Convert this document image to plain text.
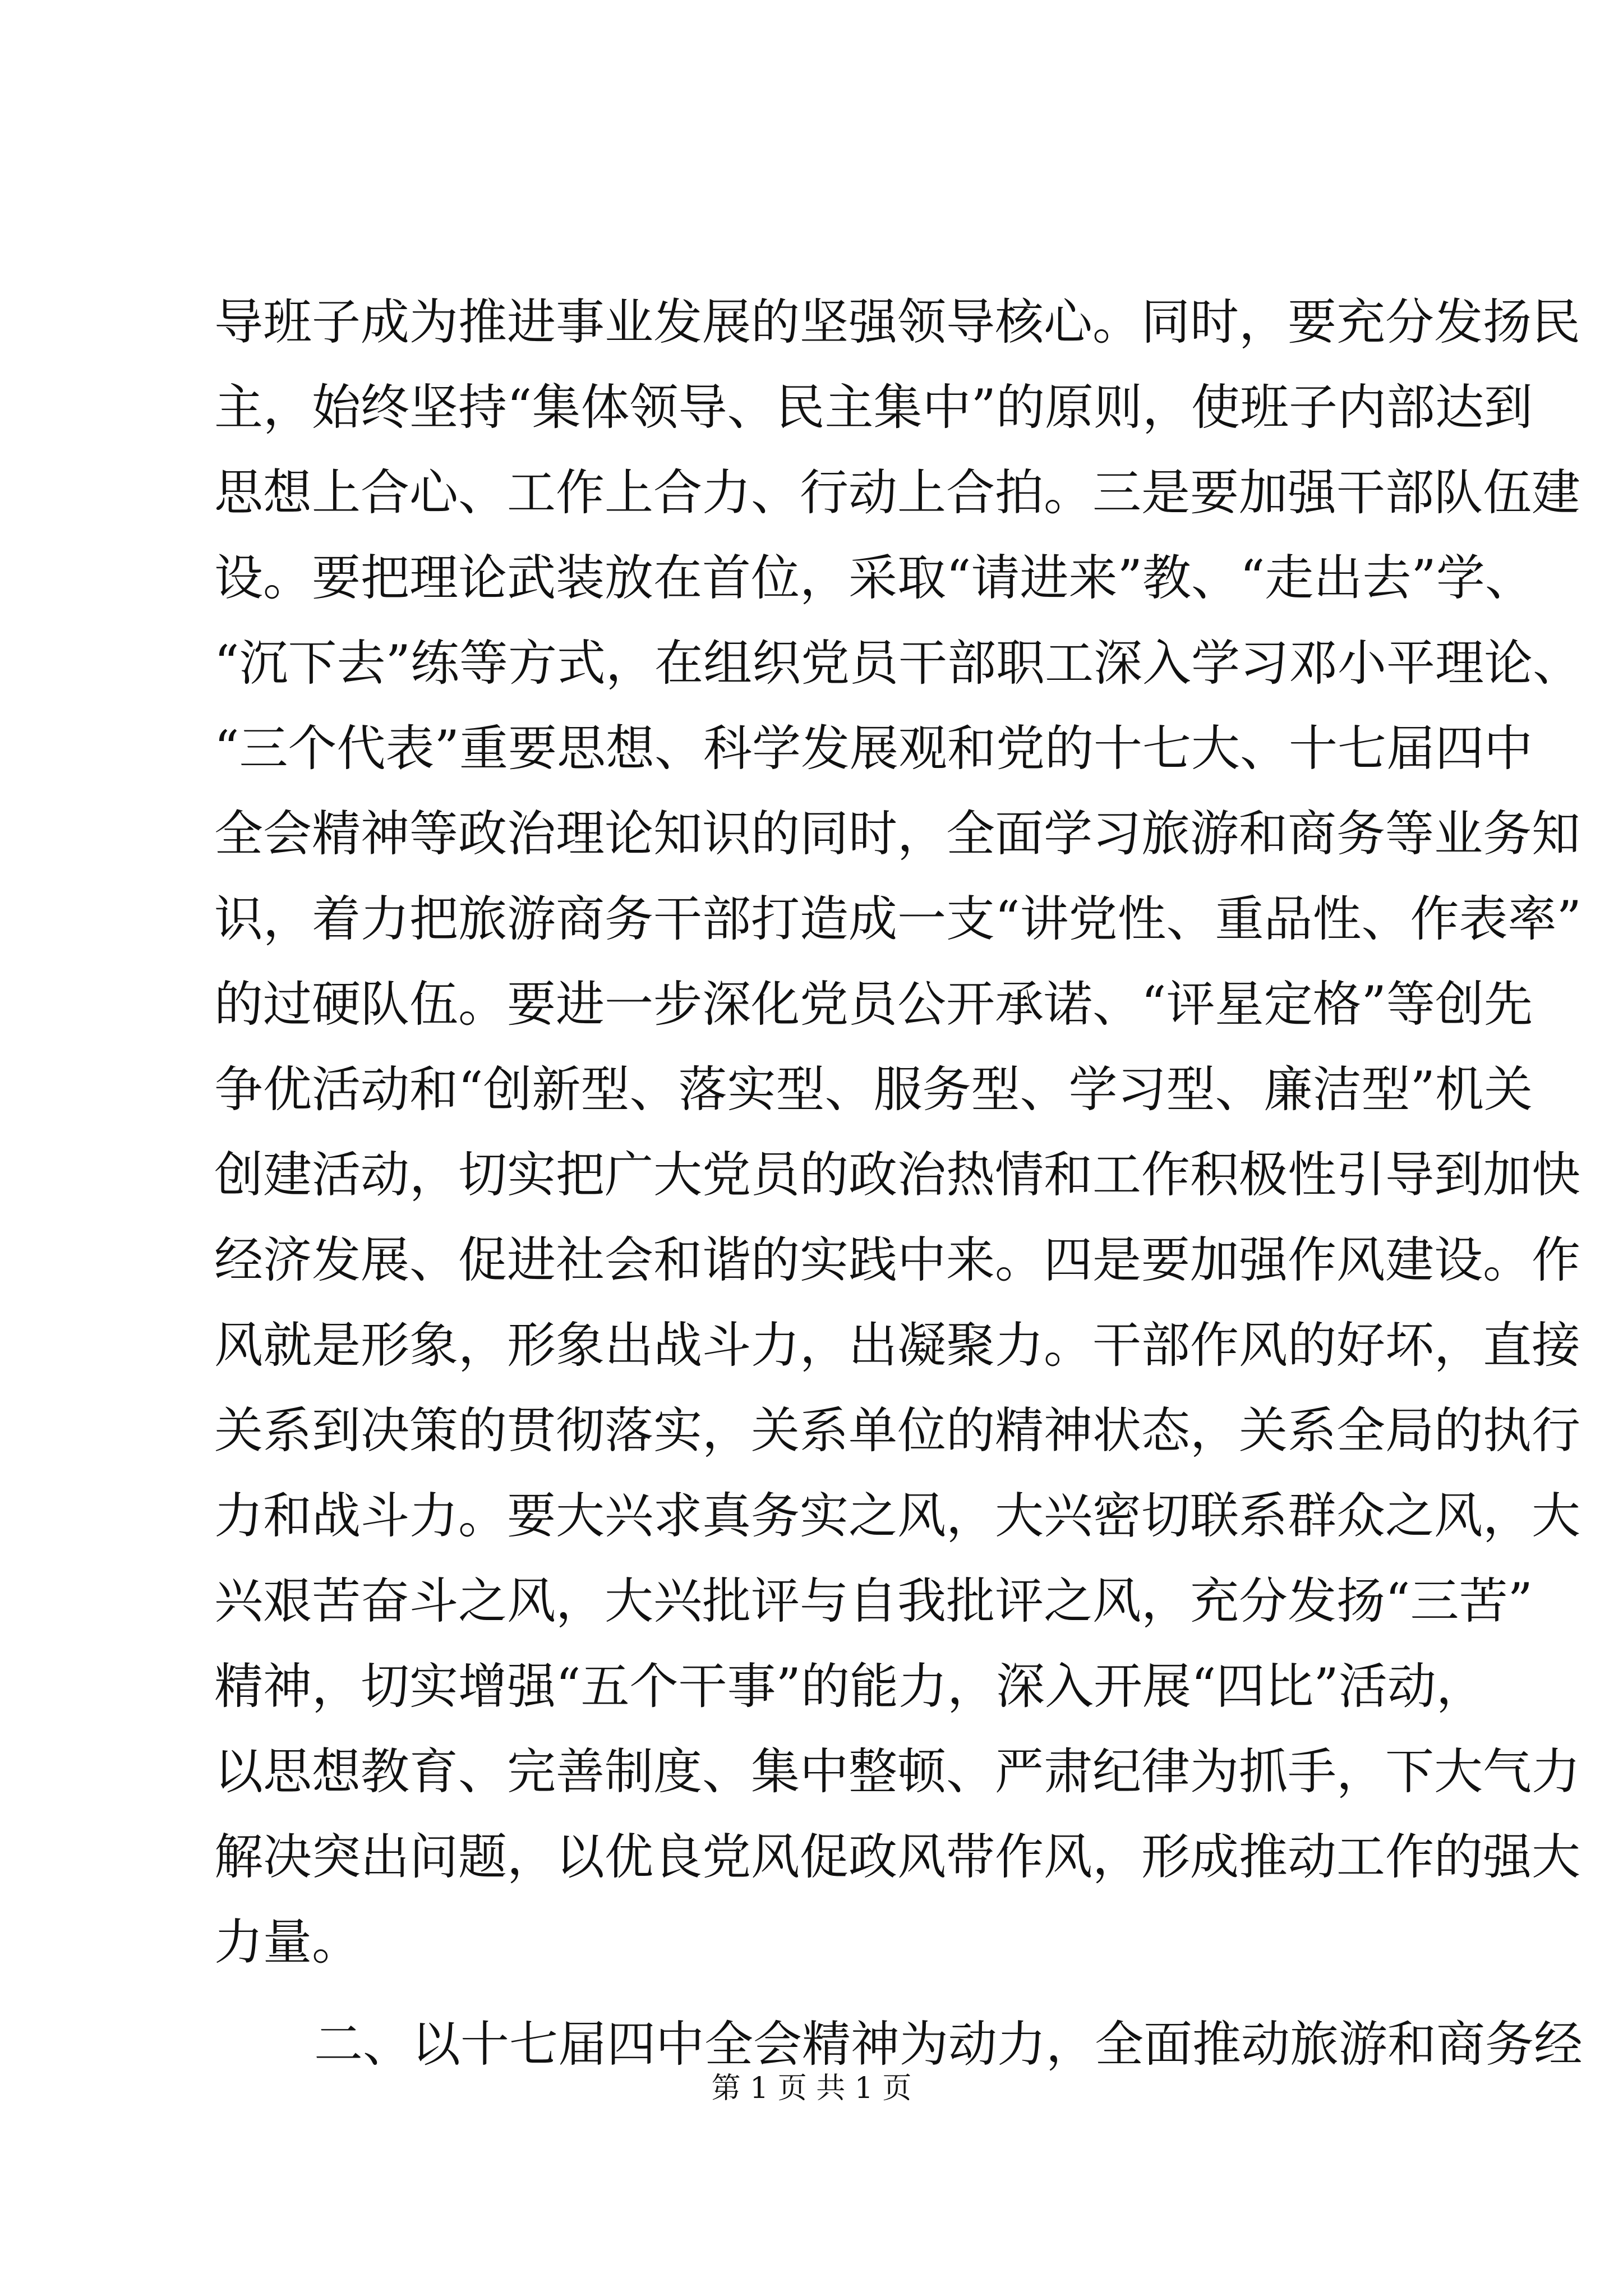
导班子成为推进事业发展的坚强领导核心。同时，要充分发扬民
主，始终坚持“集体领导、民主集中”的原则，使班子内部达到
思想上合心、工作上合力、行动上合拍。三是要加强干部队伍建
设。要把理论武装放在首位，采取“请进来”教、“走出去”学、
“沉下去”练等方式，在组织党员干部职工深入学习邓小平理论、
“三个代表”重要思想、科学发展观和党的十七大、十七届四中
全会精神等政治理论知识的同时，全面学习旅游和商务等业务知
识，着力把旅游商务干部打造成一支“讲党性、重品性、作表率”
的过硬队伍。要进一步深化党员公开承诺、“评星定格”等创先
争优活动和“创新型、落实型、服务型、学习型、廉洁型”机关
创建活动，切实把广大党员的政治热情和工作积极性引导到加快
经济发展、促进社会和谐的实践中来。四是要加强作风建设。作
风就是形象，形象出战斗力，出凝聚力。干部作风的好坏，直接
关系到决策的贯彻落实，关系单位的精神状态，关系全局的执行
力和战斗力。要大兴求真务实之风，大兴密切联系群众之风，大
兴艰苦奋斗之风，大兴批评与自我批评之风，充分发扬“三苦”
精神，切实增强“五个干事”的能力，深入开展“四比”活动，
以思想教育、完善制度、集中整顿、严肃纪律为抓手，下大气力
解决突出问题，以优良党风促政风带作风，形成推动工作的强大
力量。
二、以十七届四中全会精神为动力，全面推动旅游和商务经
第 1 页 共 1 页
